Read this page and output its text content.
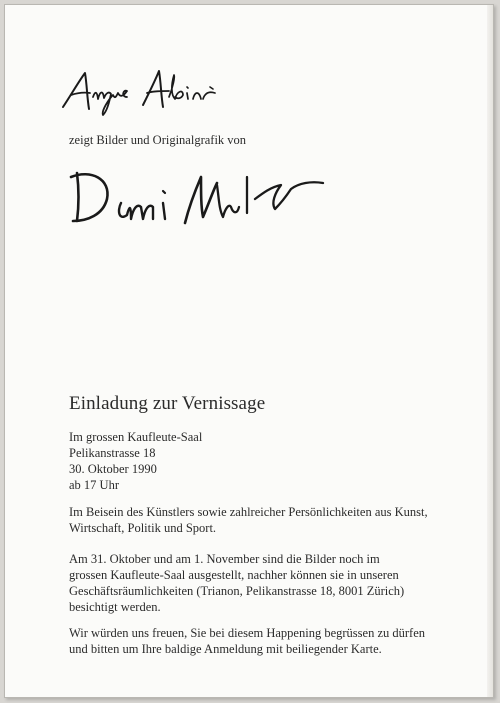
zeigt Bilder und Originalgrafik von
Einladung zur Vernissage
Im grossen Kaufleute-Saal
Pelikanstrasse 18
30. Oktober 1990
ab 17 Uhr
Im Beisein des Künstlers sowie zahlreicher Persönlichkeiten aus Kunst,
Wirtschaft, Politik und Sport.
Am 31. Oktober und am 1. November sind die Bilder noch im
grossen Kaufleute-Saal ausgestellt, nachher können sie in unseren
Geschäftsräumlichkeiten (Trianon, Pelikanstrasse 18, 8001 Zürich)
besichtigt werden.
Wir würden uns freuen, Sie bei diesem Happening begrüssen zu dürfen
und bitten um Ihre baldige Anmeldung mit beiliegender Karte.
